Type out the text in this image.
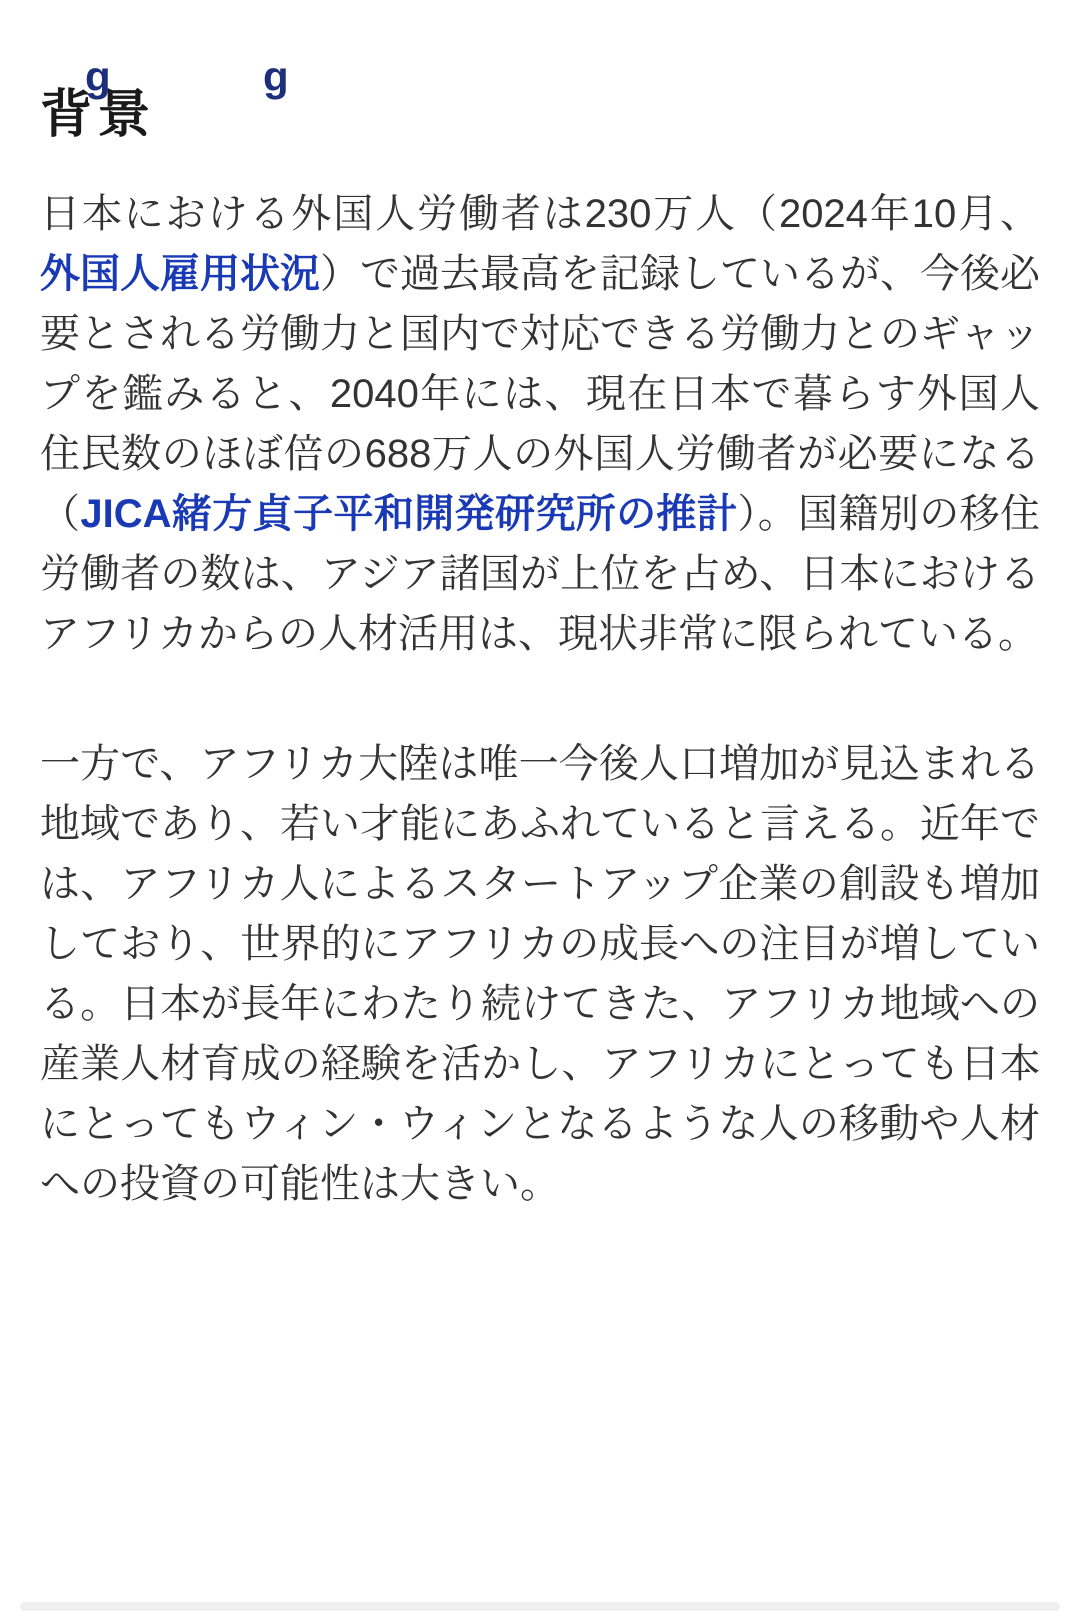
g	g
背景

日本における外国人労働者は230万人（2024年10月、外国人雇用状況）で過去最高を記録しているが、今後必要とされる労働力と国内で対応できる労働力とのギャップを鑑みると、2040年には、現在日本で暮らす外国人住民数のほぼ倍の688万人の外国人労働者が必要になる（JICA緒方貞子平和開発研究所の推計）。国籍別の移住労働者の数は、アジア諸国が上位を占め、日本におけるアフリカからの人材活用は、現状非常に限られている。

一方で、アフリカ大陸は唯一今後人口増加が見込まれる地域であり、若い才能にあふれていると言える。近年では、アフリカ人によるスタートアップ企業の創設も増加しており、世界的にアフリカの成長への注目が増している。日本が長年にわたり続けてきた、アフリカ地域への産業人材育成の経験を活かし、アフリカにとっても日本にとってもウィン・ウィンとなるような人の移動や人材への投資の可能性は大きい。
